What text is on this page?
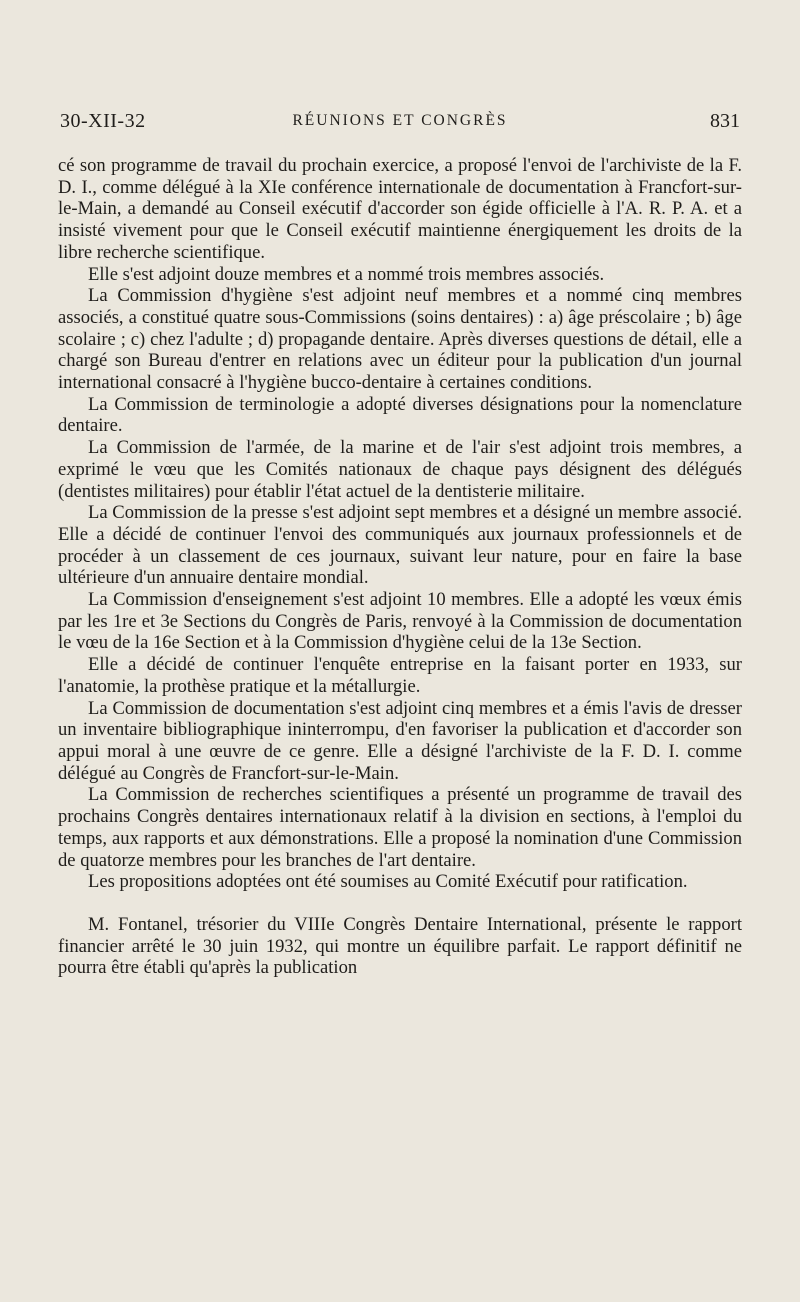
30-XII-32	RÉUNIONS ET CONGRÈS	831

cé son programme de travail du prochain exercice, a proposé l'envoi de l'archiviste de la F. D. I., comme délégué à la XIe conférence internationale de documentation à Francfort-sur-le-Main, a demandé au Conseil exécutif d'accorder son égide officielle à l'A. R. P. A. et a insisté vivement pour que le Conseil exécutif maintienne énergiquement les droits de la libre recherche scientifique.

Elle s'est adjoint douze membres et a nommé trois membres associés.

La Commission d'hygiène s'est adjoint neuf membres et a nommé cinq membres associés, a constitué quatre sous-Commissions (soins dentaires) : a) âge préscolaire ; b) âge scolaire ; c) chez l'adulte ; d) propagande dentaire. Après diverses questions de détail, elle a chargé son Bureau d'entrer en relations avec un éditeur pour la publication d'un journal international consacré à l'hygiène bucco-dentaire à certaines conditions.

La Commission de terminologie a adopté diverses désignations pour la nomenclature dentaire.

La Commission de l'armée, de la marine et de l'air s'est adjoint trois membres, a exprimé le vœu que les Comités nationaux de chaque pays désignent des délégués (dentistes militaires) pour établir l'état actuel de la dentisterie militaire.

La Commission de la presse s'est adjoint sept membres et a désigné un membre associé. Elle a décidé de continuer l'envoi des communiqués aux journaux professionnels et de procéder à un classement de ces journaux, suivant leur nature, pour en faire la base ultérieure d'un annuaire dentaire mondial.

La Commission d'enseignement s'est adjoint 10 membres. Elle a adopté les vœux émis par les 1re et 3e Sections du Congrès de Paris, renvoyé à la Commission de documentation le vœu de la 16e Section et à la Commission d'hygiène celui de la 13e Section.

Elle a décidé de continuer l'enquête entreprise en la faisant porter en 1933, sur l'anatomie, la prothèse pratique et la métallurgie.

La Commission de documentation s'est adjoint cinq membres et a émis l'avis de dresser un inventaire bibliographique ininterrompu, d'en favoriser la publication et d'accorder son appui moral à une œuvre de ce genre. Elle a désigné l'archiviste de la F. D. I. comme délégué au Congrès de Francfort-sur-le-Main.

La Commission de recherches scientifiques a présenté un programme de travail des prochains Congrès dentaires internationaux relatif à la division en sections, à l'emploi du temps, aux rapports et aux démonstrations. Elle a proposé la nomination d'une Commission de quatorze membres pour les branches de l'art dentaire.

Les propositions adoptées ont été soumises au Comité Exécutif pour ratification.

M. Fontanel, trésorier du VIIIe Congrès Dentaire International, présente le rapport financier arrêté le 30 juin 1932, qui montre un équilibre parfait. Le rapport définitif ne pourra être établi qu'après la publication
